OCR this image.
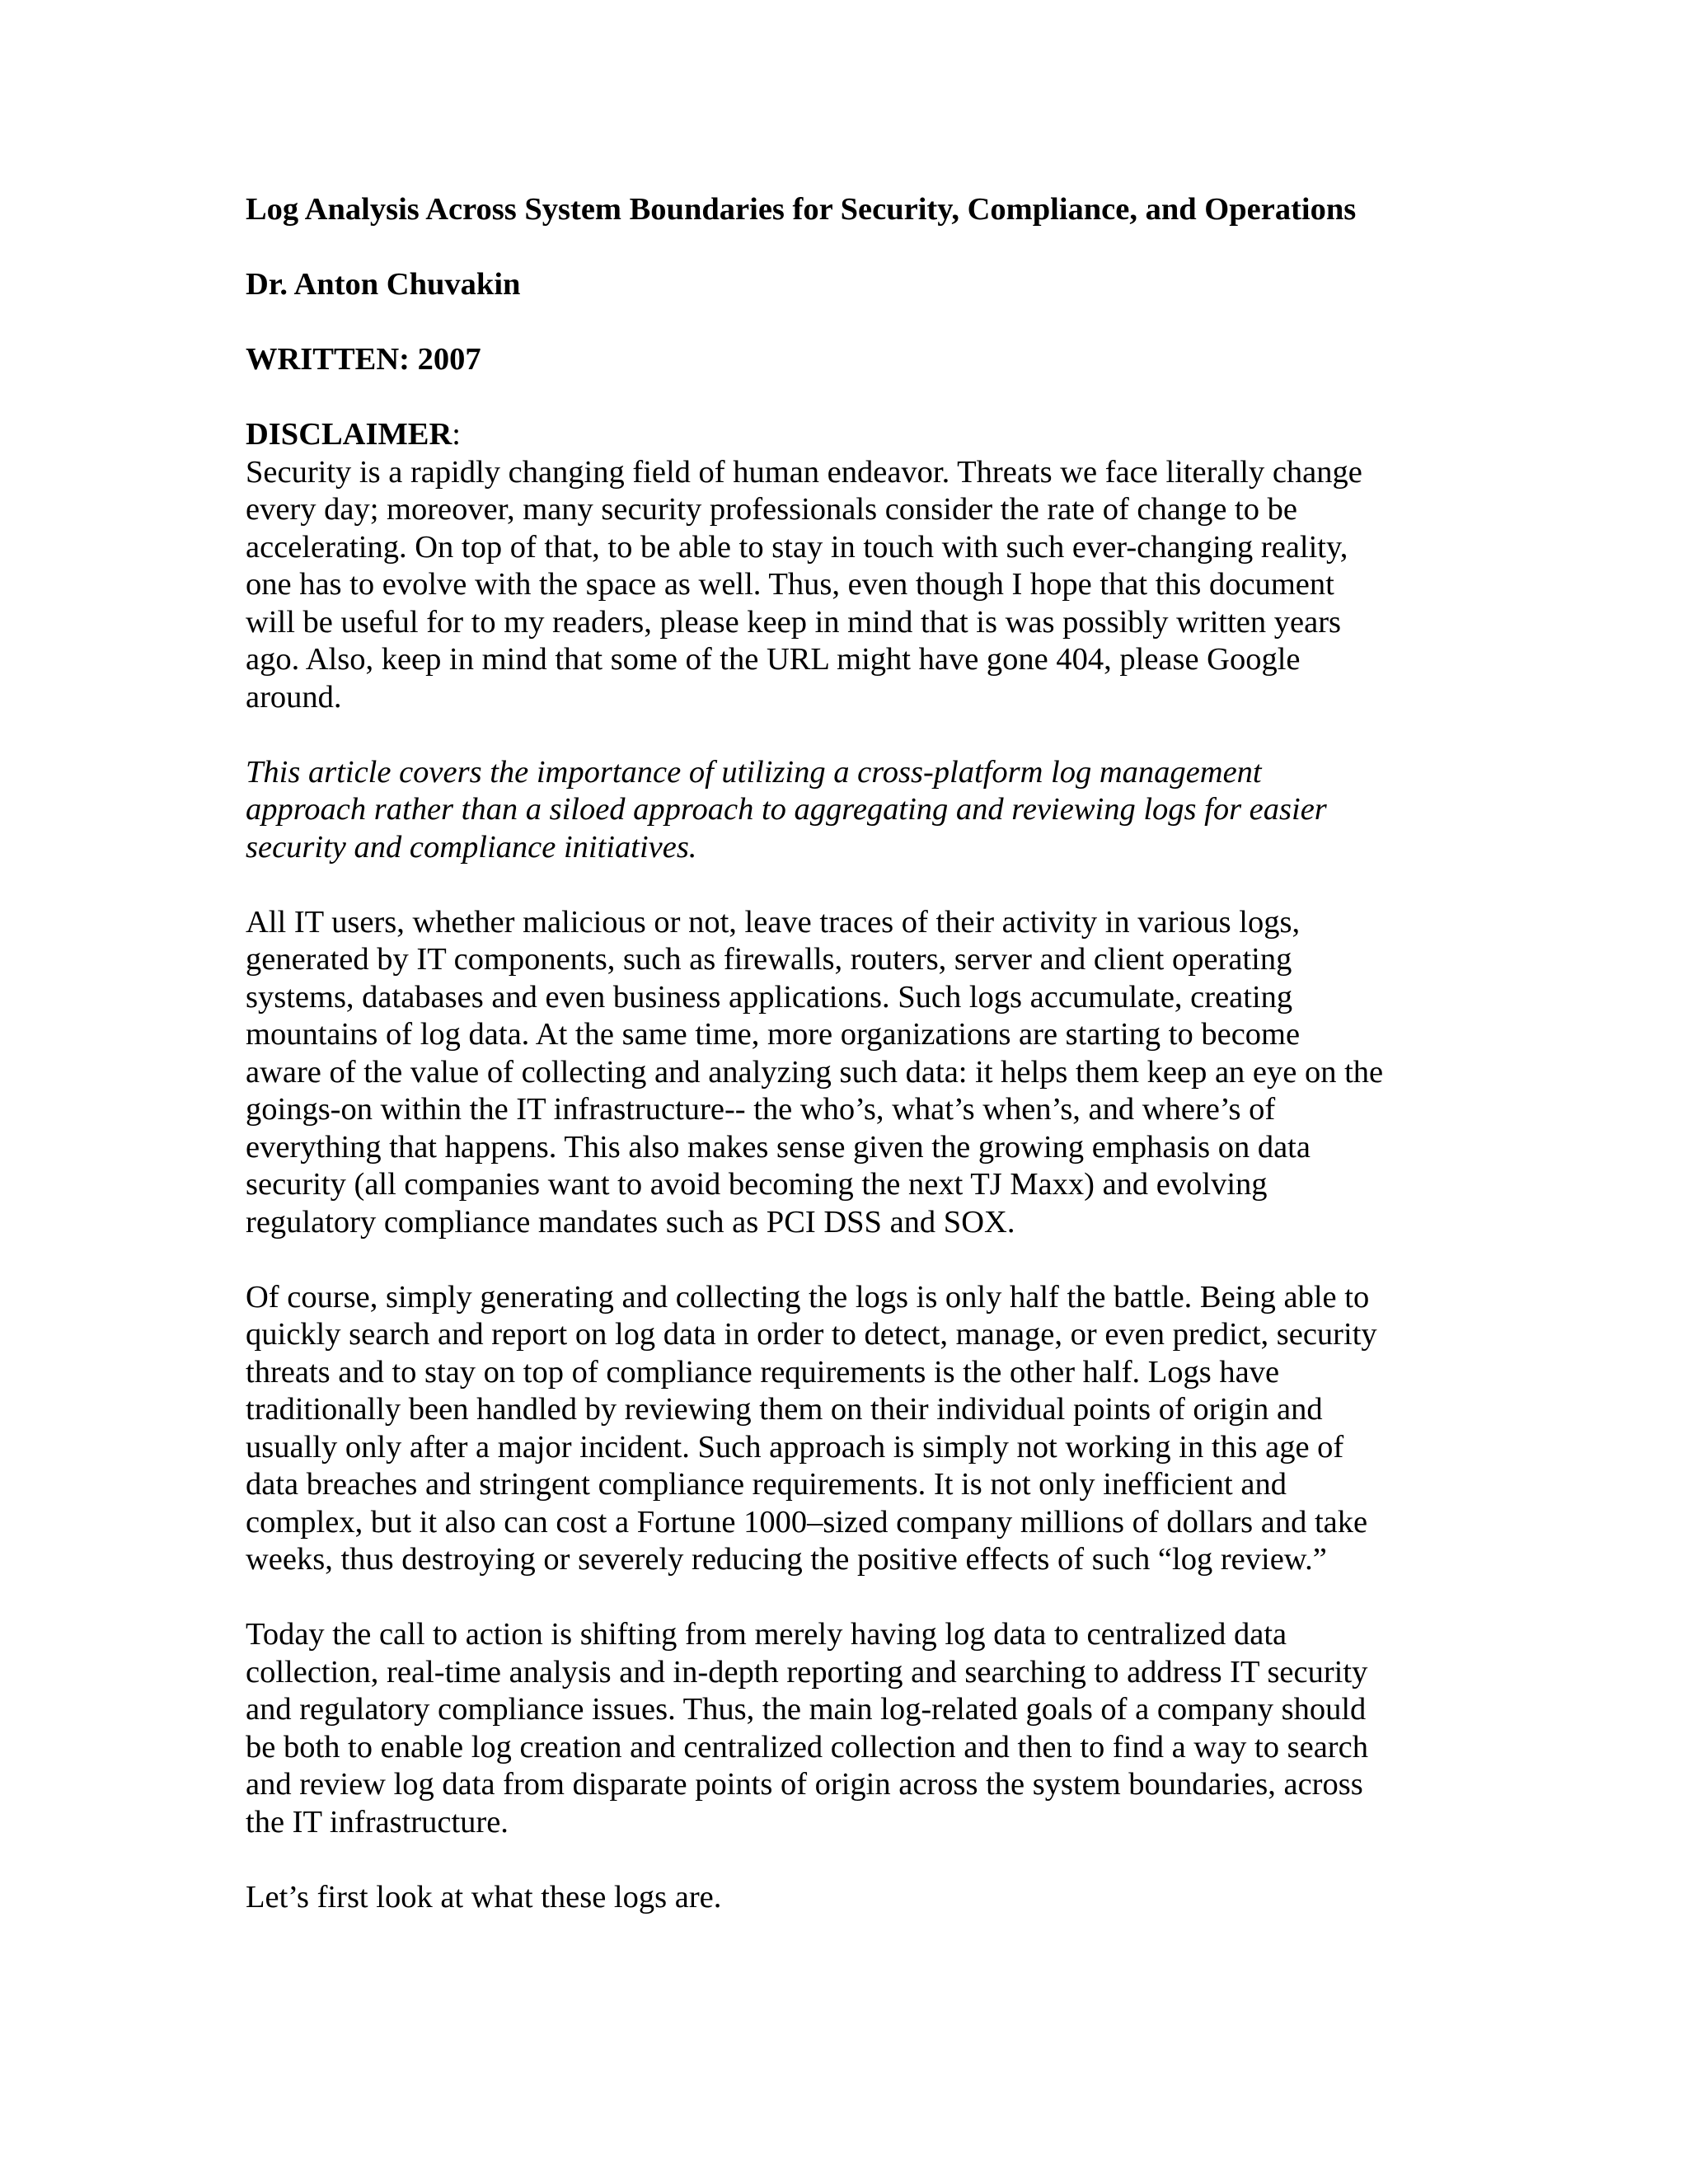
Log Analysis Across System Boundaries for Security, Compliance, and Operations

Dr. Anton Chuvakin

WRITTEN: 2007

DISCLAIMER:

Security is a rapidly changing field of human endeavor. Threats we face literally change
every day; moreover, many security professionals consider the rate of change to be
accelerating. On top of that, to be able to stay in touch with such ever-changing reality,
one has to evolve with the space as well. Thus, even though I hope that this document
will be useful for to my readers, please keep in mind that is was possibly written years
ago. Also, keep in mind that some of the URL might have gone 404, please Google
around.

This article covers the importance of utilizing a cross-platform log management
approach rather than a siloed approach to aggregating and reviewing logs for easier
security and compliance initiatives.

All IT users, whether malicious or not, leave traces of their activity in various logs,
generated by IT components, such as firewalls, routers, server and client operating
systems, databases and even business applications. Such logs accumulate, creating
mountains of log data. At the same time, more organizations are starting to become
aware of the value of collecting and analyzing such data: it helps them keep an eye on the
goings-on within the IT infrastructure-- the who’s, what’s when’s, and where’s of
everything that happens. This also makes sense given the growing emphasis on data
security (all companies want to avoid becoming the next TJ Maxx) and evolving
regulatory compliance mandates such as PCI DSS and SOX.

Of course, simply generating and collecting the logs is only half the battle. Being able to
quickly search and report on log data in order to detect, manage, or even predict, security
threats and to stay on top of compliance requirements is the other half. Logs have
traditionally been handled by reviewing them on their individual points of origin and
usually only after a major incident. Such approach is simply not working in this age of
data breaches and stringent compliance requirements. It is not only inefficient and
complex, but it also can cost a Fortune 1000–sized company millions of dollars and take
weeks, thus destroying or severely reducing the positive effects of such “log review.”

Today the call to action is shifting from merely having log data to centralized data
collection, real-time analysis and in-depth reporting and searching to address IT security
and regulatory compliance issues. Thus, the main log-related goals of a company should
be both to enable log creation and centralized collection and then to find a way to search
and review log data from disparate points of origin across the system boundaries, across
the IT infrastructure.

Let’s first look at what these logs are.
